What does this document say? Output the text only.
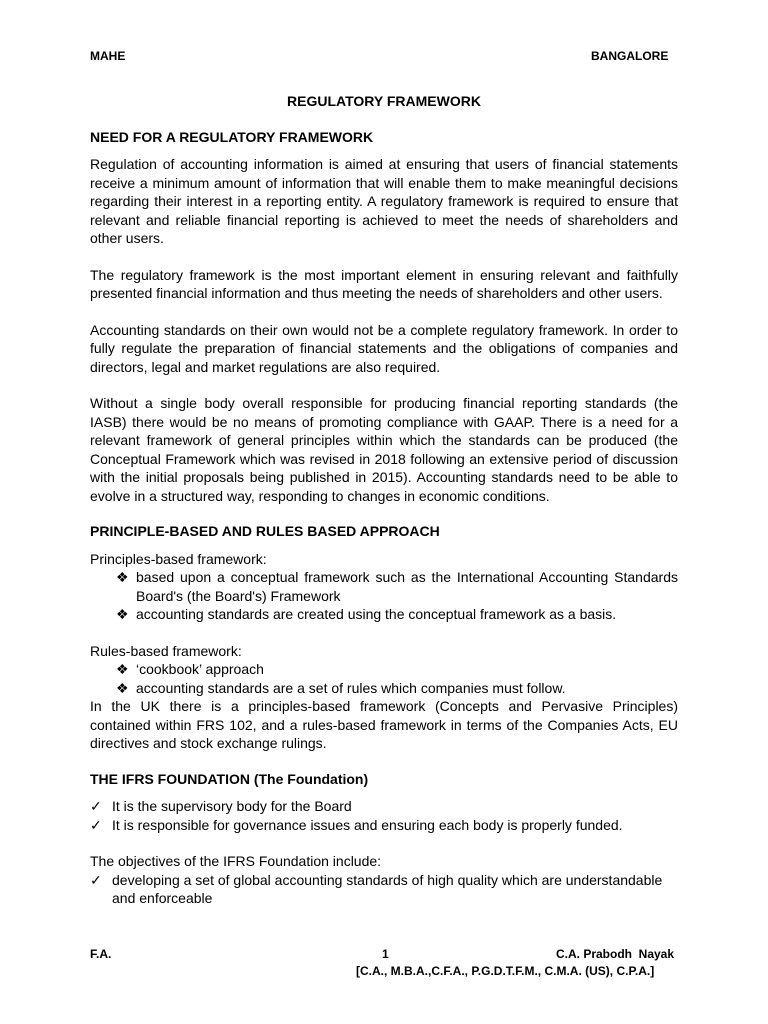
MAHE	BANGALORE
REGULATORY FRAMEWORK
NEED FOR A REGULATORY FRAMEWORK
Regulation of accounting information is aimed at ensuring that users of financial statements receive a minimum amount of information that will enable them to make meaningful decisions regarding their interest in a reporting entity. A regulatory framework is required to ensure that relevant and reliable financial reporting is achieved to meet the needs of shareholders and other users.
The regulatory framework is the most important element in ensuring relevant and faithfully presented financial information and thus meeting the needs of shareholders and other users.
Accounting standards on their own would not be a complete regulatory framework. In order to fully regulate the preparation of financial statements and the obligations of companies and directors, legal and market regulations are also required.
Without a single body overall responsible for producing financial reporting standards (the IASB) there would be no means of promoting compliance with GAAP. There is a need for a relevant framework of general principles within which the standards can be produced (the Conceptual Framework which was revised in 2018 following an extensive period of discussion with the initial proposals being published in 2015). Accounting standards need to be able to evolve in a structured way, responding to changes in economic conditions.
PRINCIPLE-BASED AND RULES BASED APPROACH
Principles-based framework:
❖ based upon a conceptual framework such as the International Accounting Standards Board's (the Board's) Framework
❖ accounting standards are created using the conceptual framework as a basis.
Rules-based framework:
❖ ‘cookbook’ approach
❖ accounting standards are a set of rules which companies must follow.
In the UK there is a principles-based framework (Concepts and Pervasive Principles) contained within FRS 102, and a rules-based framework in terms of the Companies Acts, EU directives and stock exchange rulings.
THE IFRS FOUNDATION (The Foundation)
✓ It is the supervisory body for the Board
✓ It is responsible for governance issues and ensuring each body is properly funded.
The objectives of the IFRS Foundation include:
✓ developing a set of global accounting standards of high quality which are understandable and enforceable
F.A.	1	C.A. Prabodh  Nayak
[C.A., M.B.A.,C.F.A., P.G.D.T.F.M., C.M.A. (US), C.P.A.]
